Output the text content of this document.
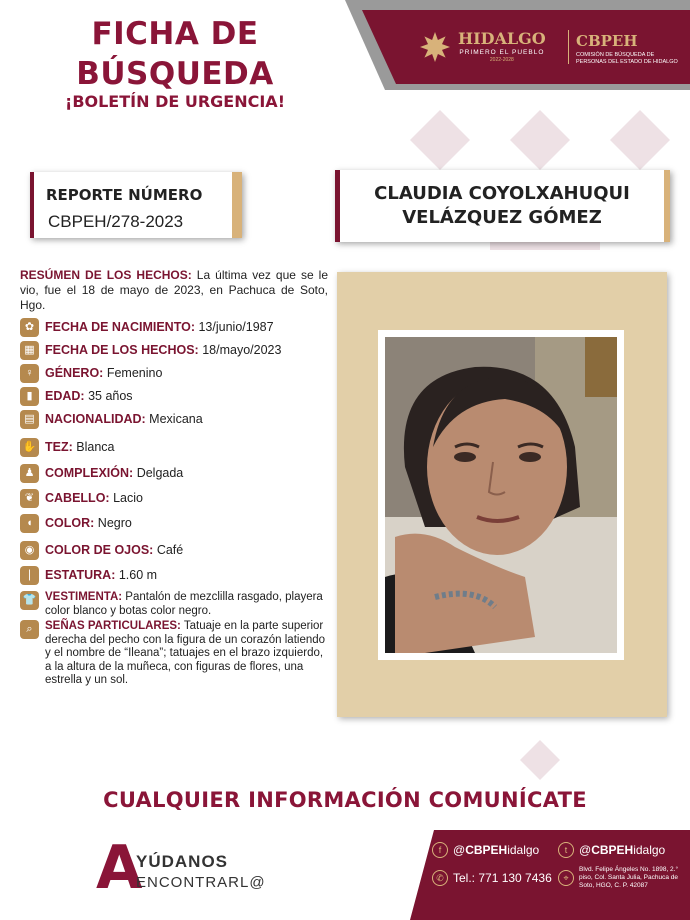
FICHA DE
BÚSQUEDA
¡BOLETÍN DE URGENCIA!
HIDALGO
PRIMERO EL PUEBLO
2022-2028
CBPEH
COMISIÓN DE BÚSQUEDA DE PERSONAS DEL ESTADO DE HIDALGO
REPORTE NÚMERO
CBPEH/278-2023
CLAUDIA COYOLXAHUQUI
VELÁZQUEZ GÓMEZ
RESÚMEN DE LOS HECHOS: La última vez que se le vio, fue el 18 de mayo de 2023, en Pachuca de Soto, Hgo.
✿ FECHA DE NACIMIENTO: 13/junio/1987
▦ FECHA DE LOS HECHOS: 18/mayo/2023
♀ GÉNERO: Femenino
▮ EDAD: 35 años
▤ NACIONALIDAD: Mexicana
✋ TEZ: Blanca
♟ COMPLEXIÓN: Delgada
❦ CABELLO: Lacio
◖ COLOR: Negro
◉ COLOR DE OJOS: Café
❘ ESTATURA: 1.60 m
👕 VESTIMENTA: Pantalón de mezclilla rasgado, playera color blanco y botas color negro.
⌕	SEÑAS PARTICULARES: Tatuaje en la parte superior derecha del pecho con la figura de un corazón latiendo y el nombre de “Ileana”; tatuajes en el brazo izquierdo, a la altura de la muñeca, con figuras de flores, una estrella y un sol.
CUALQUIER INFORMACIÓN COMUNÍCATE
A
YÚDANOS
ENCONTRARL@
f @CBPEHidalgo	t @CBPEHidalgo
✆ Tel.: 771 130 7436	⌖
Blvd. Felipe Ángeles No. 1898, 2.° piso, Col. Santa Julia, Pachuca de Soto, HGO, C. P. 42087
